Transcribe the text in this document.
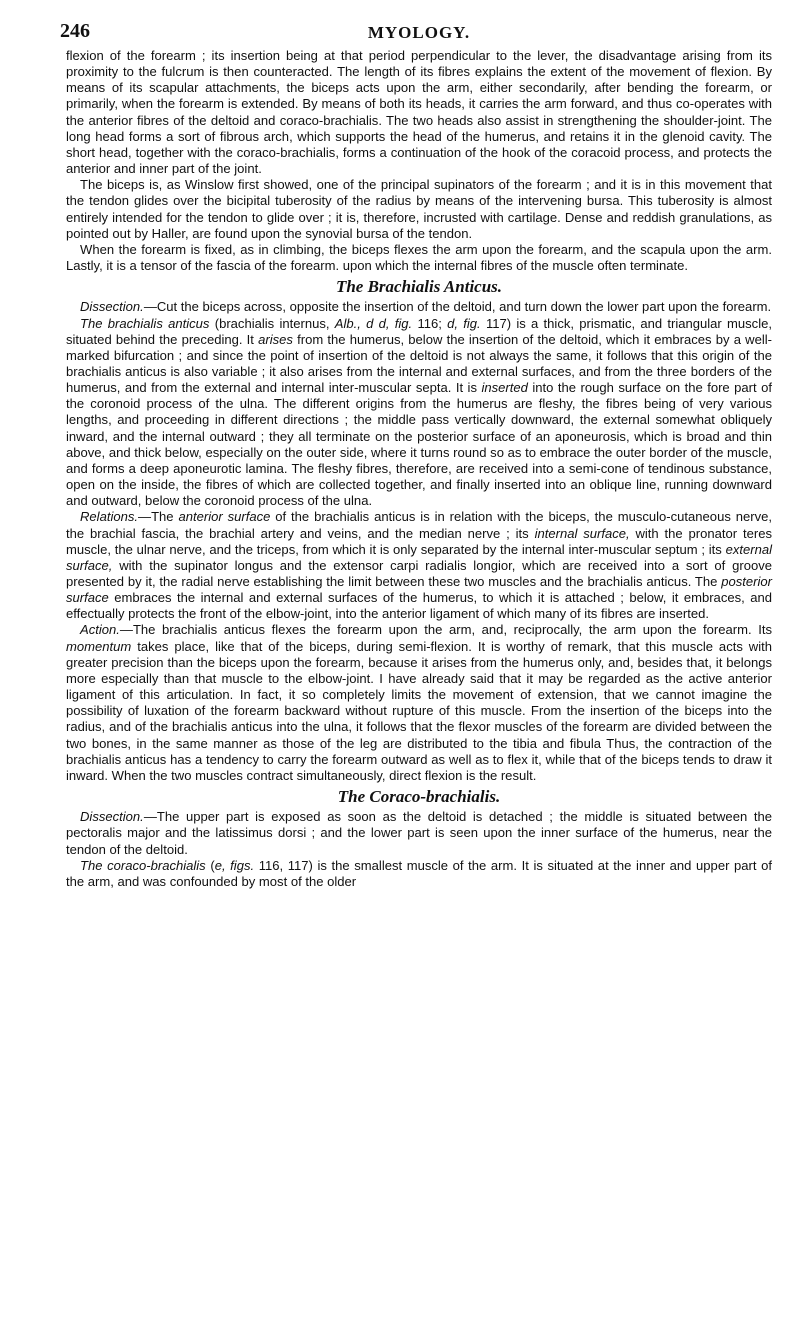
246	MYOLOGY.

flexion of the forearm ; its insertion being at that period perpendicular to the lever, the disadvantage arising from its proximity to the fulcrum is then counteracted. The length of its fibres explains the extent of the movement of flexion. By means of its scapular attachments, the biceps acts upon the arm, either secondarily, after bending the forearm, or primarily, when the forearm is extended. By means of both its heads, it carries the arm forward, and thus co-operates with the anterior fibres of the deltoid and coraco-brachialis. The two heads also assist in strengthening the shoulder-joint. The long head forms a sort of fibrous arch, which supports the head of the humerus, and retains it in the glenoid cavity. The short head, together with the coraco-brachialis, forms a continuation of the hook of the coracoid process, and protects the anterior and inner part of the joint.

The biceps is, as Winslow first showed, one of the principal supinators of the forearm ; and it is in this movement that the tendon glides over the bicipital tuberosity of the radius by means of the intervening bursa. This tuberosity is almost entirely intended for the tendon to glide over ; it is, therefore, incrusted with cartilage. Dense and reddish granulations, as pointed out by Haller, are found upon the synovial bursa of the tendon.

When the forearm is fixed, as in climbing, the biceps flexes the arm upon the forearm, and the scapula upon the arm. Lastly, it is a tensor of the fascia of the forearm. upon which the internal fibres of the muscle often terminate.

The Brachialis Anticus.

Dissection.—Cut the biceps across, opposite the insertion of the deltoid, and turn down the lower part upon the forearm.

The brachialis anticus (brachialis internus, Alb., d d, fig. 116; d, fig. 117) is a thick, prismatic, and triangular muscle, situated behind the preceding. It arises from the humerus, below the insertion of the deltoid, which it embraces by a well-marked bifurcation ; and since the point of insertion of the deltoid is not always the same, it follows that this origin of the brachialis anticus is also variable ; it also arises from the internal and external surfaces, and from the three borders of the humerus, and from the external and internal inter-muscular septa. It is inserted into the rough surface on the fore part of the coronoid process of the ulna. The different origins from the humerus are fleshy, the fibres being of very various lengths, and proceeding in different directions ; the middle pass vertically downward, the external somewhat obliquely inward, and the internal outward ; they all terminate on the posterior surface of an aponeurosis, which is broad and thin above, and thick below, especially on the outer side, where it turns round so as to embrace the outer border of the muscle, and forms a deep aponeurotic lamina. The fleshy fibres, therefore, are received into a semi-cone of tendinous substance, open on the inside, the fibres of which are collected together, and finally inserted into an oblique line, running downward and outward, below the coronoid process of the ulna.

Relations.—The anterior surface of the brachialis anticus is in relation with the biceps, the musculo-cutaneous nerve, the brachial fascia, the brachial artery and veins, and the median nerve ; its internal surface, with the pronator teres muscle, the ulnar nerve, and the triceps, from which it is only separated by the internal inter-muscular septum ; its external surface, with the supinator longus and the extensor carpi radialis longior, which are received into a sort of groove presented by it, the radial nerve establishing the limit between these two muscles and the brachialis anticus. The posterior surface embraces the internal and external surfaces of the humerus, to which it is attached ; below, it embraces, and effectually protects the front of the elbow-joint, into the anterior ligament of which many of its fibres are inserted.

Action.—The brachialis anticus flexes the forearm upon the arm, and, reciprocally, the arm upon the forearm. Its momentum takes place, like that of the biceps, during semi-flexion. It is worthy of remark, that this muscle acts with greater precision than the biceps upon the forearm, because it arises from the humerus only, and, besides that, it belongs more especially than that muscle to the elbow-joint. I have already said that it may be regarded as the active anterior ligament of this articulation. In fact, it so completely limits the movement of extension, that we cannot imagine the possibility of luxation of the forearm backward without rupture of this muscle. From the insertion of the biceps into the radius, and of the brachialis anticus into the ulna, it follows that the flexor muscles of the forearm are divided between the two bones, in the same manner as those of the leg are distributed to the tibia and fibula Thus, the contraction of the brachialis anticus has a tendency to carry the forearm outward as well as to flex it, while that of the biceps tends to draw it inward. When the two muscles contract simultaneously, direct flexion is the result.

The Coraco-brachialis.

Dissection.—The upper part is exposed as soon as the deltoid is detached ; the middle is situated between the pectoralis major and the latissimus dorsi ; and the lower part is seen upon the inner surface of the humerus, near the tendon of the deltoid.

The coraco-brachialis (e, figs. 116, 117) is the smallest muscle of the arm. It is situated at the inner and upper part of the arm, and was confounded by most of the older
